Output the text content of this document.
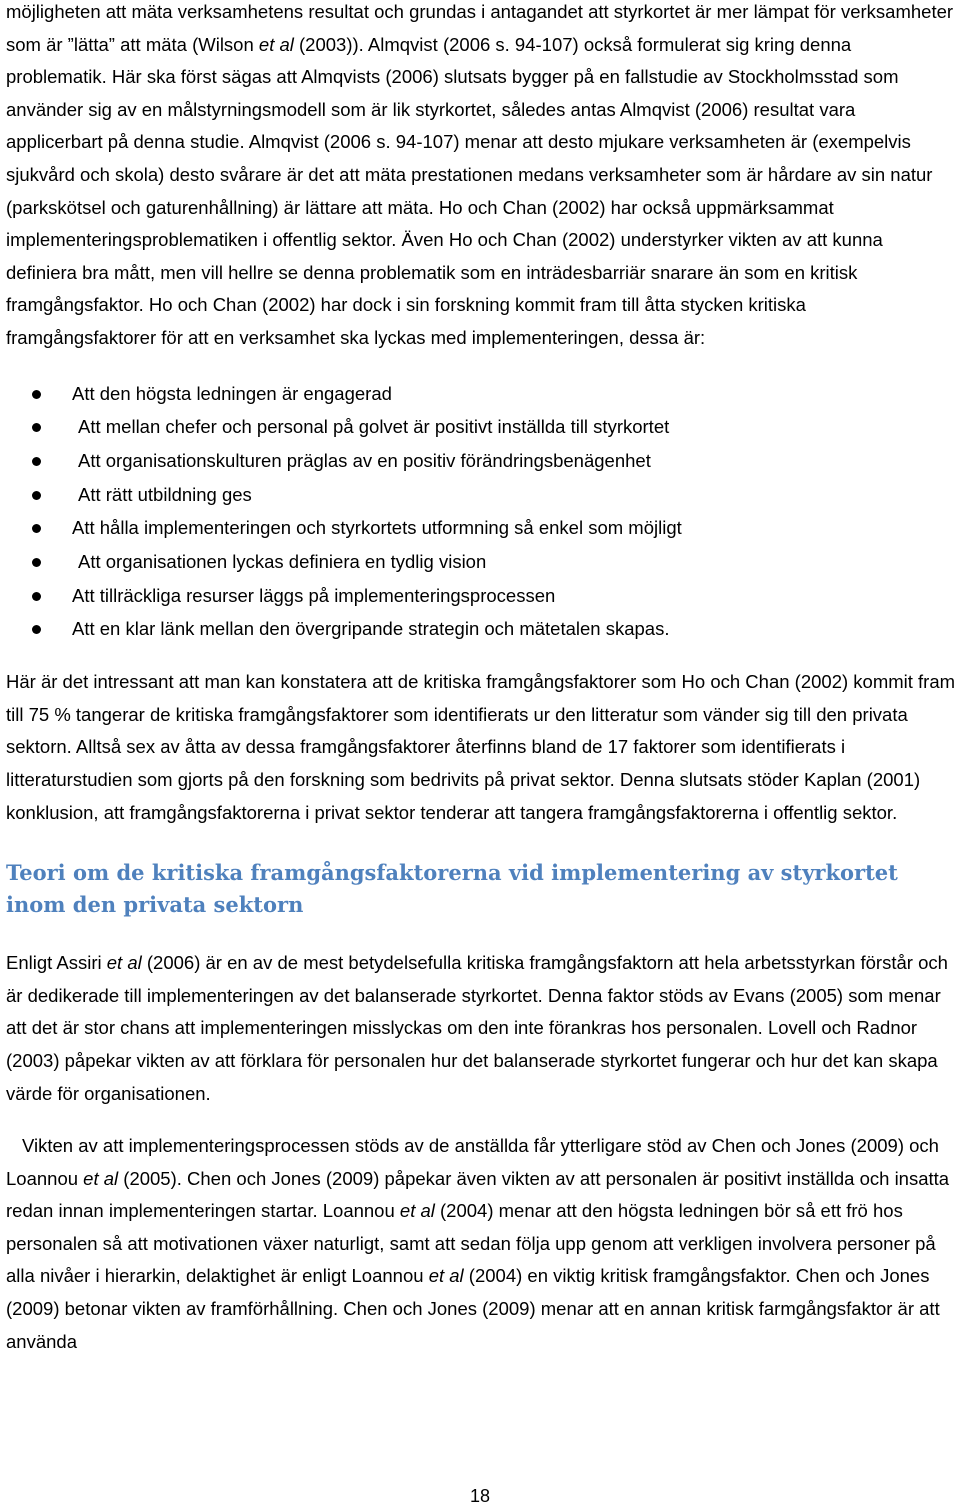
möjligheten att mäta verksamhetens resultat och grundas i antagandet att styrkortet är mer lämpat för verksamheter som är ”lätta” att mäta (Wilson et al (2003)). Almqvist (2006 s. 94-107) också formulerat sig kring denna problematik. Här ska först sägas att Almqvists (2006) slutsats bygger på en fallstudie av Stockholmsstad som använder sig av en målstyrningsmodell som är lik styrkortet, således antas Almqvist (2006) resultat vara applicerbart på denna studie. Almqvist (2006 s. 94-107) menar att desto mjukare verksamheten är (exempelvis sjukvård och skola) desto svårare är det att mäta prestationen medans verksamheter som är hårdare av sin natur (parkskötsel och gaturenhållning) är lättare att mäta. Ho och Chan (2002) har också uppmärksammat implementeringsproblematiken i offentlig sektor. Även Ho och Chan (2002) understyrker vikten av att kunna definiera bra mått, men vill hellre se denna problematik som en inträdesbarriär snarare än som en kritisk framgångsfaktor. Ho och Chan (2002) har dock i sin forskning kommit fram till åtta stycken kritiska framgångsfaktorer för att en verksamhet ska lyckas med implementeringen, dessa är:

Att den högsta ledningen är engagerad
Att mellan chefer och personal på golvet är positivt inställda till styrkortet
Att organisationskulturen präglas av en positiv förändringsbenägenhet
Att rätt utbildning ges
Att hålla implementeringen och styrkortets utformning så enkel som möjligt
Att organisationen lyckas definiera en tydlig vision
Att tillräckliga resurser läggs på implementeringsprocessen
Att en klar länk mellan den övergripande strategin och mätetalen skapas.

Här är det intressant att man kan konstatera att de kritiska framgångsfaktorer som Ho och Chan (2002) kommit fram till 75 % tangerar de kritiska framgångsfaktorer som identifierats ur den litteratur som vänder sig till den privata sektorn. Alltså sex av åtta av dessa framgångsfaktorer återfinns bland de 17 faktorer som identifierats i litteraturstudien som gjorts på den forskning som bedrivits på privat sektor. Denna slutsats stöder Kaplan (2001) konklusion, att framgångsfaktorerna i privat sektor tenderar att tangera framgångsfaktorerna i offentlig sektor.

Teori om de kritiska framgångsfaktorerna vid implementering av styrkortet inom den privata sektorn

Enligt Assiri et al (2006) är en av de mest betydelsefulla kritiska framgångsfaktorn att hela arbetsstyrkan förstår och är dedikerade till implementeringen av det balanserade styrkortet. Denna faktor stöds av Evans (2005) som menar att det är stor chans att implementeringen misslyckas om den inte förankras hos personalen. Lovell och Radnor (2003) påpekar vikten av att förklara för personalen hur det balanserade styrkortet fungerar och hur det kan skapa värde för organisationen.

Vikten av att implementeringsprocessen stöds av de anställda får ytterligare stöd av Chen och Jones (2009) och Loannou et al (2005). Chen och Jones (2009) påpekar även vikten av att personalen är positivt inställda och insatta redan innan implementeringen startar. Loannou et al (2004) menar att den högsta ledningen bör så ett frö hos personalen så att motivationen växer naturligt, samt att sedan följa upp genom att verkligen involvera personer på alla nivåer i hierarkin, delaktighet är enligt Loannou et al (2004) en viktig kritisk framgångsfaktor. Chen och Jones (2009) betonar vikten av framförhållning. Chen och Jones (2009) menar att en annan kritisk farmgångsfaktor är att använda

18
